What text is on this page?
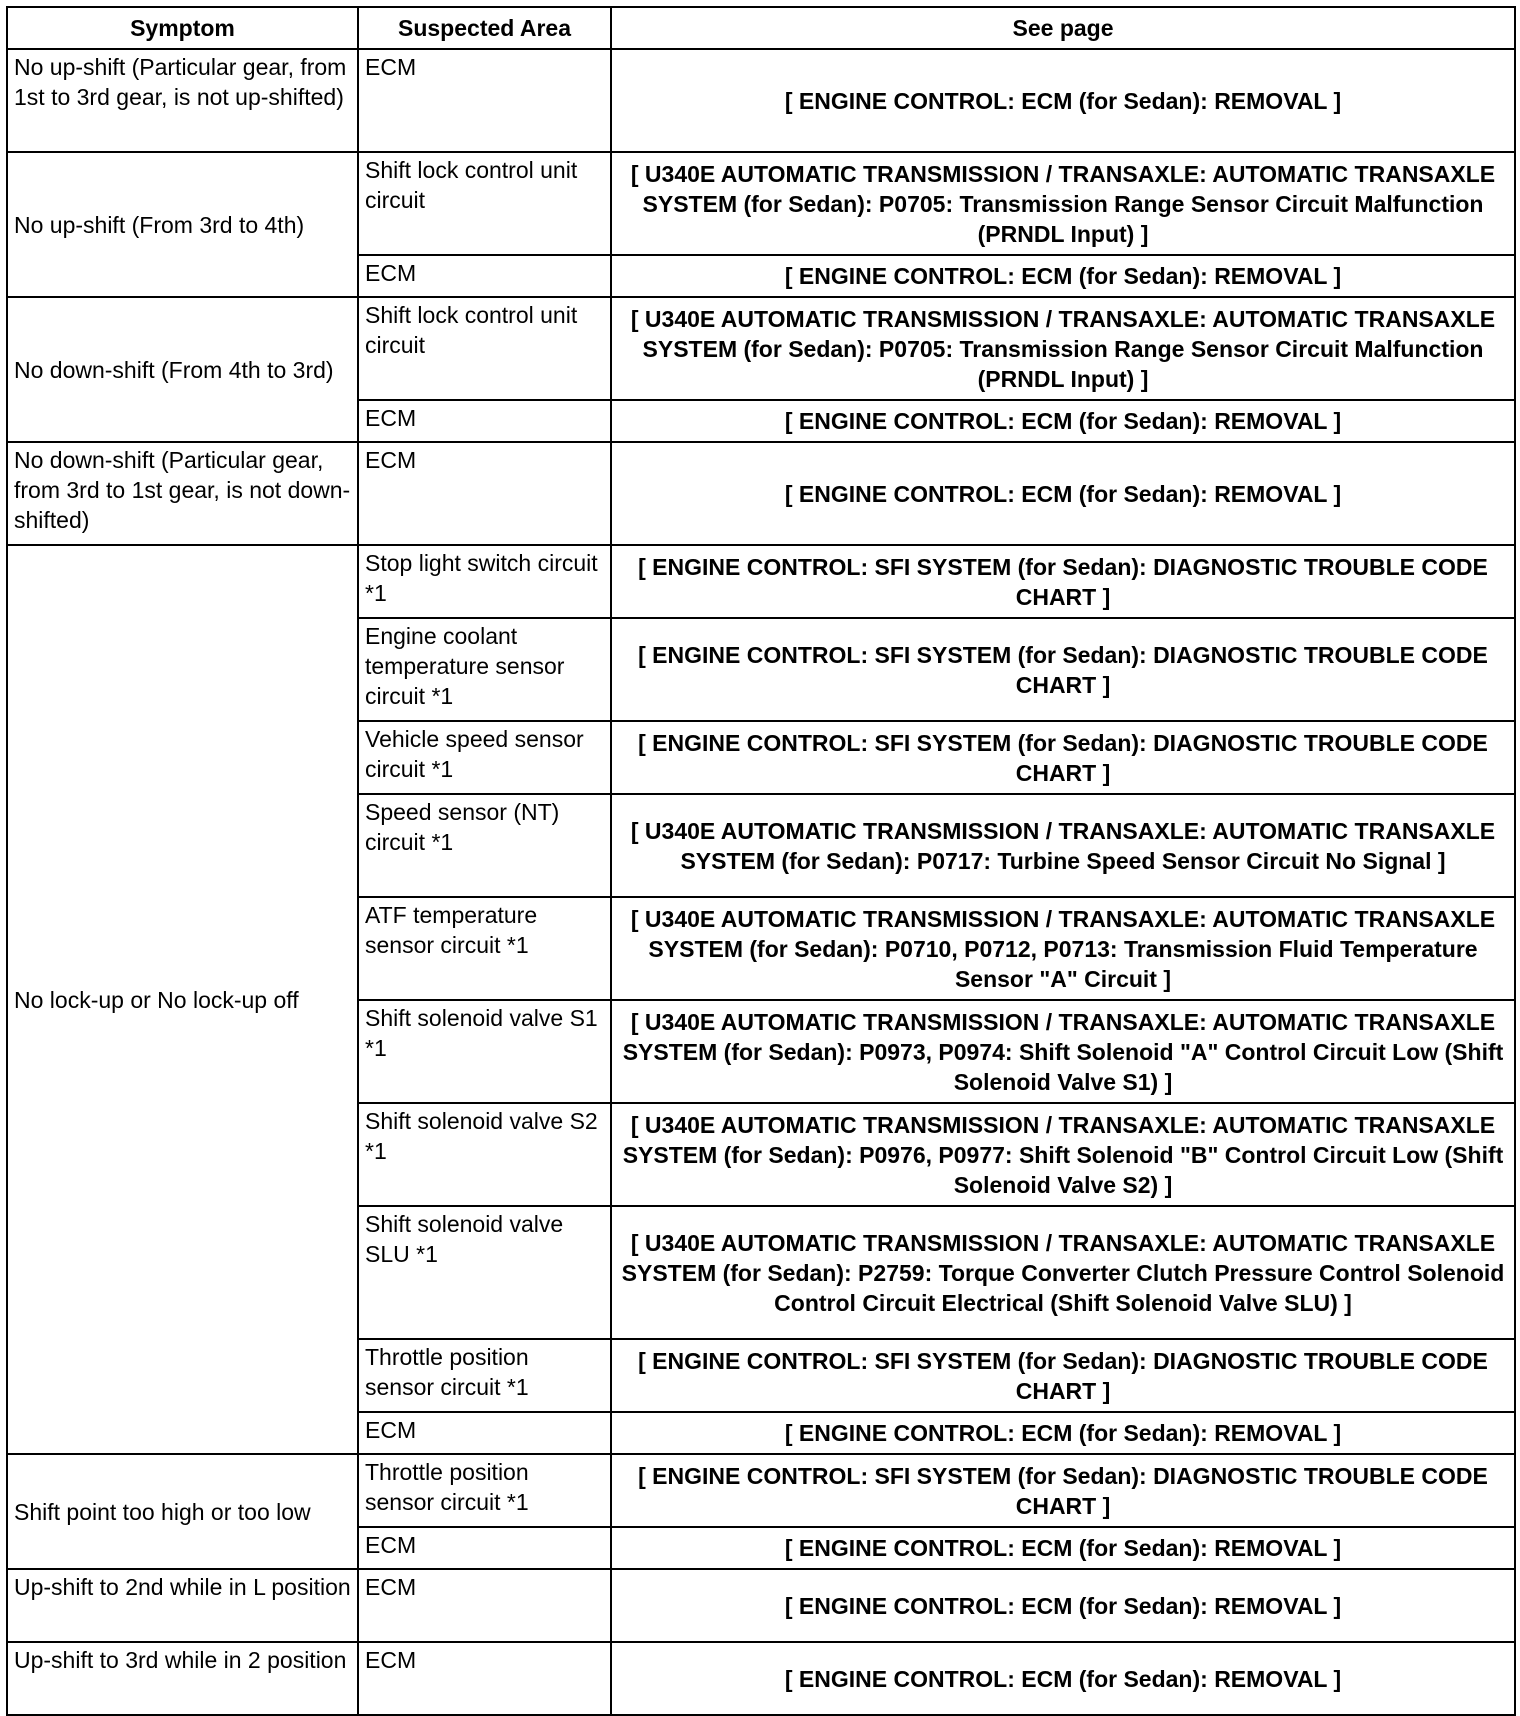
Symptom	Suspected Area	See page
No up-shift (Particular gear, from 1st to 3rd gear, is not up-shifted)	ECM	[ ENGINE CONTROL: ECM (for Sedan): REMOVAL ]
No up-shift (From 3rd to 4th)	Shift lock control unit circuit	[ U340E AUTOMATIC TRANSMISSION / TRANSAXLE: AUTOMATIC TRANSAXLE SYSTEM (for Sedan): P0705: Transmission Range Sensor Circuit Malfunction (PRNDL Input) ]
	ECM	[ ENGINE CONTROL: ECM (for Sedan): REMOVAL ]
No down-shift (From 4th to 3rd)	Shift lock control unit circuit	[ U340E AUTOMATIC TRANSMISSION / TRANSAXLE: AUTOMATIC TRANSAXLE SYSTEM (for Sedan): P0705: Transmission Range Sensor Circuit Malfunction (PRNDL Input) ]
	ECM	[ ENGINE CONTROL: ECM (for Sedan): REMOVAL ]
No down-shift (Particular gear, from 3rd to 1st gear, is not down-shifted)	ECM	[ ENGINE CONTROL: ECM (for Sedan): REMOVAL ]
No lock-up or No lock-up off	Stop light switch circuit *1	[ ENGINE CONTROL: SFI SYSTEM (for Sedan): DIAGNOSTIC TROUBLE CODE CHART ]
	Engine coolant temperature sensor circuit *1	[ ENGINE CONTROL: SFI SYSTEM (for Sedan): DIAGNOSTIC TROUBLE CODE CHART ]
	Vehicle speed sensor circuit *1	[ ENGINE CONTROL: SFI SYSTEM (for Sedan): DIAGNOSTIC TROUBLE CODE CHART ]
	Speed sensor (NT) circuit *1	[ U340E AUTOMATIC TRANSMISSION / TRANSAXLE: AUTOMATIC TRANSAXLE SYSTEM (for Sedan): P0717: Turbine Speed Sensor Circuit No Signal ]
	ATF temperature sensor circuit *1	[ U340E AUTOMATIC TRANSMISSION / TRANSAXLE: AUTOMATIC TRANSAXLE SYSTEM (for Sedan): P0710, P0712, P0713: Transmission Fluid Temperature Sensor "A" Circuit ]
	Shift solenoid valve S1 *1	[ U340E AUTOMATIC TRANSMISSION / TRANSAXLE: AUTOMATIC TRANSAXLE SYSTEM (for Sedan): P0973, P0974: Shift Solenoid "A" Control Circuit Low (Shift Solenoid Valve S1) ]
	Shift solenoid valve S2 *1	[ U340E AUTOMATIC TRANSMISSION / TRANSAXLE: AUTOMATIC TRANSAXLE SYSTEM (for Sedan): P0976, P0977: Shift Solenoid "B" Control Circuit Low (Shift Solenoid Valve S2) ]
	Shift solenoid valve SLU *1	[ U340E AUTOMATIC TRANSMISSION / TRANSAXLE: AUTOMATIC TRANSAXLE SYSTEM (for Sedan): P2759: Torque Converter Clutch Pressure Control Solenoid Control Circuit Electrical (Shift Solenoid Valve SLU) ]
	Throttle position sensor circuit *1	[ ENGINE CONTROL: SFI SYSTEM (for Sedan): DIAGNOSTIC TROUBLE CODE CHART ]
	ECM	[ ENGINE CONTROL: ECM (for Sedan): REMOVAL ]
Shift point too high or too low	Throttle position sensor circuit *1	[ ENGINE CONTROL: SFI SYSTEM (for Sedan): DIAGNOSTIC TROUBLE CODE CHART ]
	ECM	[ ENGINE CONTROL: ECM (for Sedan): REMOVAL ]
Up-shift to 2nd while in L position	ECM	[ ENGINE CONTROL: ECM (for Sedan): REMOVAL ]
Up-shift to 3rd while in 2 position	ECM	[ ENGINE CONTROL: ECM (for Sedan): REMOVAL ]
